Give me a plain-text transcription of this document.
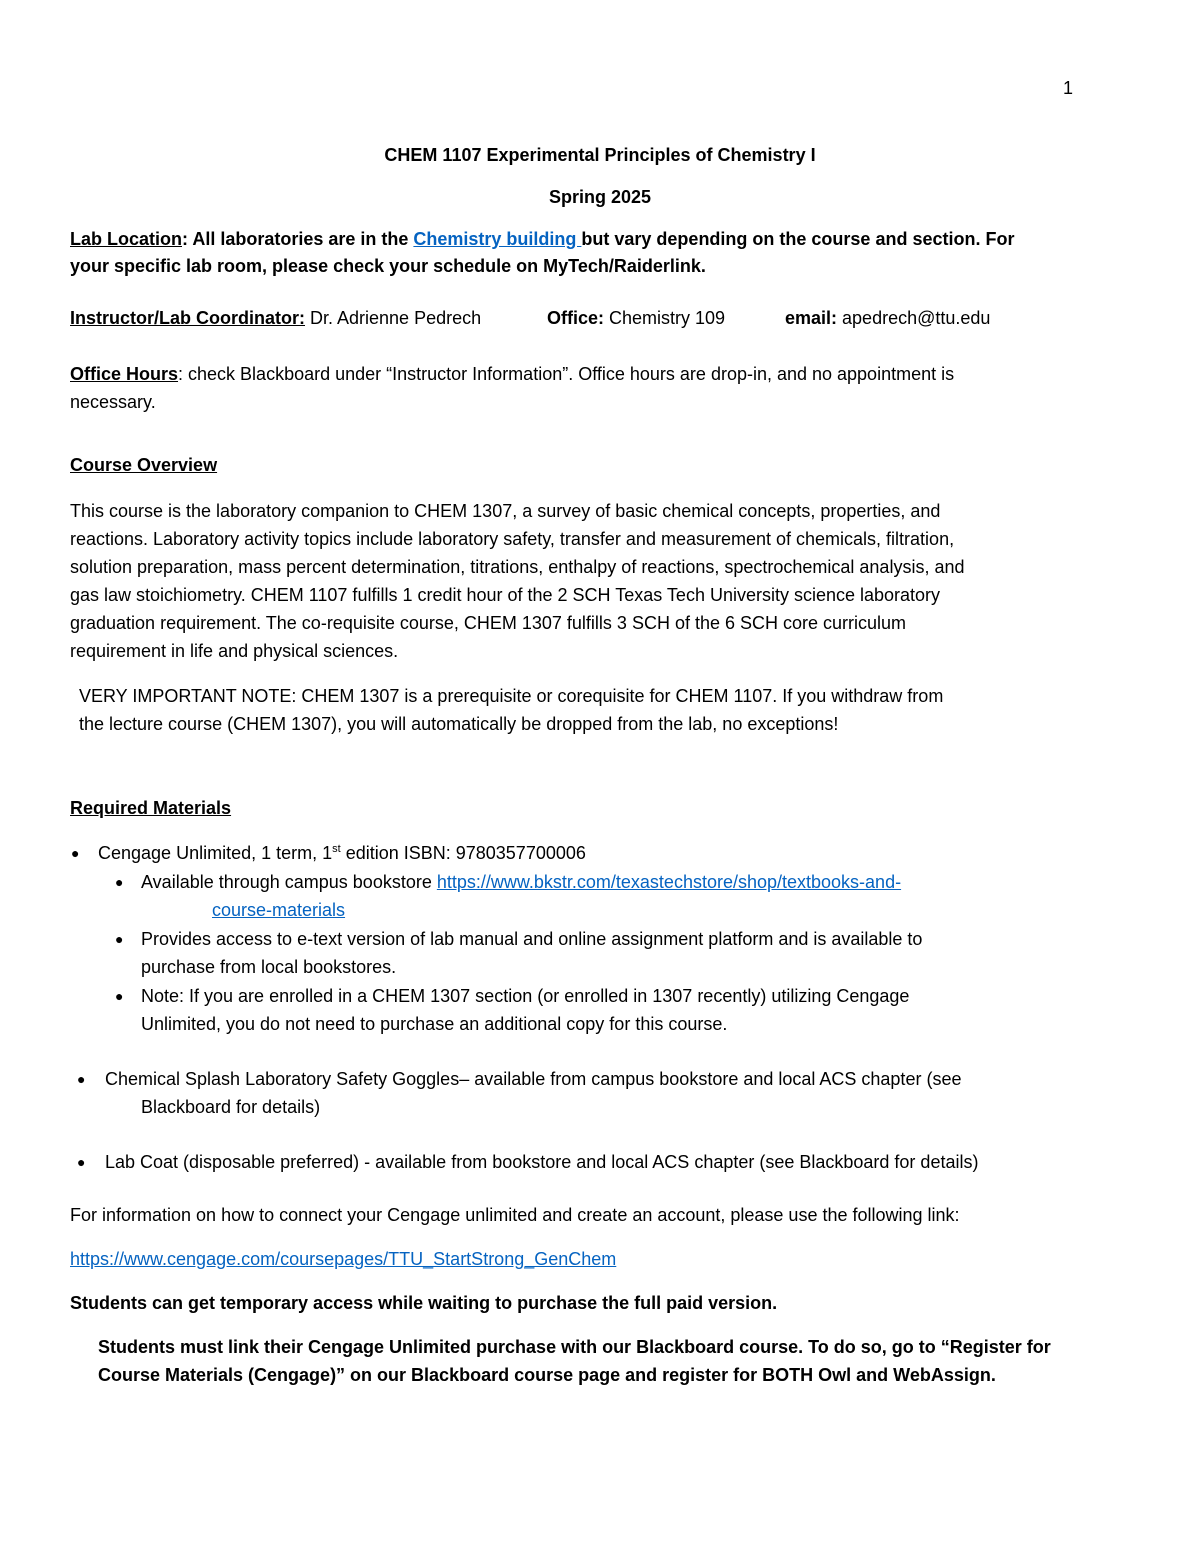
1
CHEM 1107 Experimental Principles of Chemistry I
Spring 2025
Lab Location: All laboratories are in the Chemistry building but vary depending on the course and section. For
your specific lab room, please check your schedule on MyTech/Raiderlink.
Instructor/Lab Coordinator: Dr. Adrienne Pedrech	Office: Chemistry 109	email: apedrech@ttu.edu
Office Hours: check Blackboard under “Instructor Information”. Office hours are drop-in, and no appointment is
necessary.
Course Overview
This course is the laboratory companion to CHEM 1307, a survey of basic chemical concepts, properties, and
reactions. Laboratory activity topics include laboratory safety, transfer and measurement of chemicals, filtration,
solution preparation, mass percent determination, titrations, enthalpy of reactions, spectrochemical analysis, and
gas law stoichiometry. CHEM 1107 fulfills 1 credit hour of the 2 SCH Texas Tech University science laboratory
graduation requirement. The co-requisite course, CHEM 1307 fulfills 3 SCH of the 6 SCH core curriculum
requirement in life and physical sciences.
VERY IMPORTANT NOTE: CHEM 1307 is a prerequisite or corequisite for CHEM 1107. If you withdraw from
the lecture course (CHEM 1307), you will automatically be dropped from the lab, no exceptions!
Required Materials
● Cengage Unlimited, 1 term, 1st edition ISBN: 9780357700006
● Available through campus bookstore https://www.bkstr.com/texastechstore/shop/textbooks-and-
course-materials
● Provides access to e-text version of lab manual and online assignment platform and is available to
purchase from local bookstores.
● Note: If you are enrolled in a CHEM 1307 section (or enrolled in 1307 recently) utilizing Cengage
Unlimited, you do not need to purchase an additional copy for this course.
● Chemical Splash Laboratory Safety Goggles– available from campus bookstore and local ACS chapter (see
Blackboard for details)
● Lab Coat (disposable preferred) - available from bookstore and local ACS chapter (see Blackboard for details)
For information on how to connect your Cengage unlimited and create an account, please use the following link:
https://www.cengage.com/coursepages/TTU_StartStrong_GenChem
Students can get temporary access while waiting to purchase the full paid version.
Students must link their Cengage Unlimited purchase with our Blackboard course. To do so, go to “Register for
Course Materials (Cengage)” on our Blackboard course page and register for BOTH Owl and WebAssign.
